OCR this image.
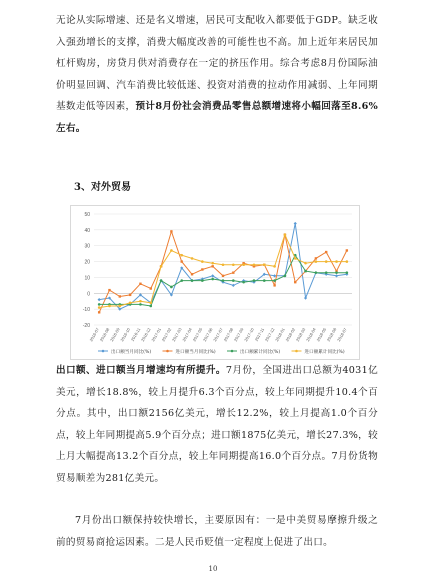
无论从实际增速、还是名义增速，居民可支配收入都要低于GDP。缺乏收入强劲增长的支撑，消费大幅度改善的可能性也不高。加上近年来居民加杠杆购房，房贷月供对消费存在一定的挤压作用。综合考虑8月份国际油价明显回调、汽车消费比较低迷、投资对消费的拉动作用减弱、上年同期基数走低等因素，预计8月份社会消费品零售总额增速将小幅回落至8.6%左右。

3、对外贸易
-20
-10
0
10
20
30
40
50
2016-07
2016-08
2016-09
2016-10
2016-11
2016-12
2017-01
2017-02
2017-03
2017-04
2017-05
2017-06
2017-07
2017-08
2017-09
2017-10
2017-11
2017-12
2018-01
2018-02
2018-03
2018-04
2018-05
2018-06
2018-07
出口额当月同比(%)	进口额当月同比(%)	出口额累计同比(%)	进口额累计同比(%)

出口额、进口额当月增速均有所提升。7月份，全国进出口总额为4031亿美元，增长18.8%，较上月提升6.3个百分点，较上年同期提升10.4个百分点。其中，出口额2156亿美元，增长12.2%，较上月提高1.0个百分点，较上年同期提高5.9个百分点；进口额1875亿美元，增长27.3%，较上月大幅提高13.2个百分点，较上年同期提高16.0个百分点。7月份货物贸易顺差为281亿美元。

7月份出口额保持较快增长，主要原因有：一是中美贸易摩擦升级之前的贸易商抢运因素。二是人民币贬值一定程度上促进了出口。

10
